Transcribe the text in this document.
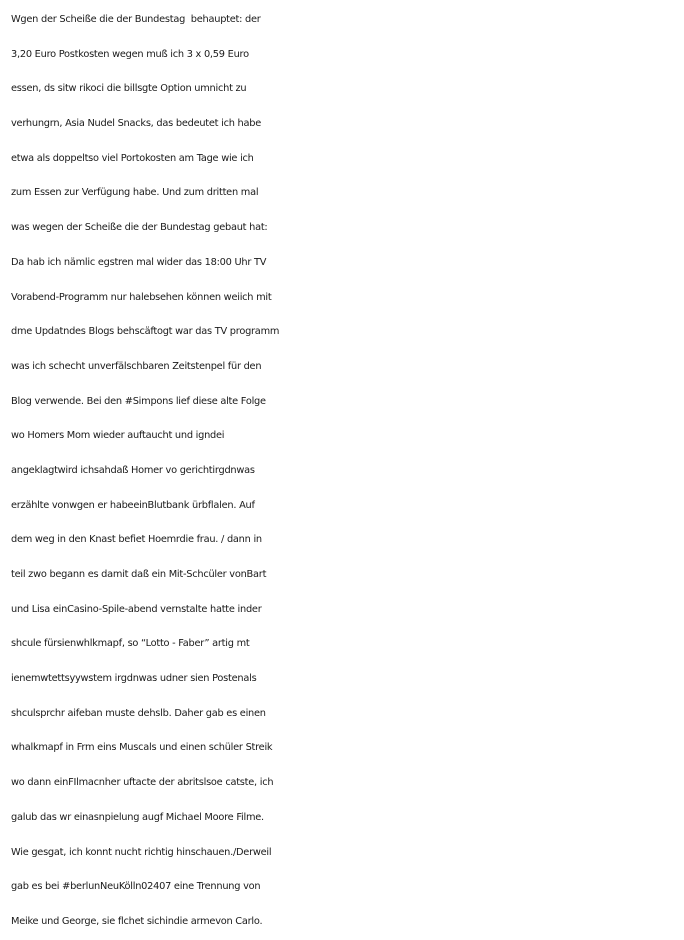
Wgen der Scheiße die der Bundestag  behauptet: der
3,20 Euro Postkosten wegen muß ich 3 x 0,59 Euro
essen, ds sitw rikoci die billsgte Option umnicht zu
verhungrn, Asia Nudel Snacks, das bedeutet ich habe
etwa als doppeltso viel Portokosten am Tage wie ich
zum Essen zur Verfügung habe. Und zum dritten mal
was wegen der Scheiße die der Bundestag gebaut hat:
Da hab ich nämlic egstren mal wider das 18:00 Uhr TV
Vorabend-Programm nur halebsehen können weiich mit
dme Updatndes Blogs behscäftogt war das TV programm
was ich schecht unverfälschbaren Zeitstenpel für den
Blog verwende. Bei den #Simpons lief diese alte Folge
wo Homers Mom wieder auftaucht und igndei
angeklagtwird ichsahdaß Homer vo gerichtirgdnwas
erzählte vonwgen er habeeinBlutbank ürbflalen. Auf
dem weg in den Knast befiet Hoemrdie frau. / dann in
teil zwo begann es damit daß ein Mit-Schcüler vonBart
und Lisa einCasino-Spile-abend vernstalte hatte inder
shcule fürsienwhlkmapf, so “Lotto - Faber” artig mt
ienemwtettsyywstem irgdnwas udner sien Postenals
shculsprchr aifeban muste dehslb. Daher gab es einen
whalkmapf in Frm eins Muscals und einen schüler Streik
wo dann einFIlmacnher uftacte der abritslsoe catste, ich
galub das wr einasnpielung augf Michael Moore Filme.
Wie gesgat, ich konnt nucht richtig hinschauen./Derweil
gab es bei #berlunNeuKölln02407 eine Trennung von
Meike und George, sie flchet sichindie armevon Carlo.
